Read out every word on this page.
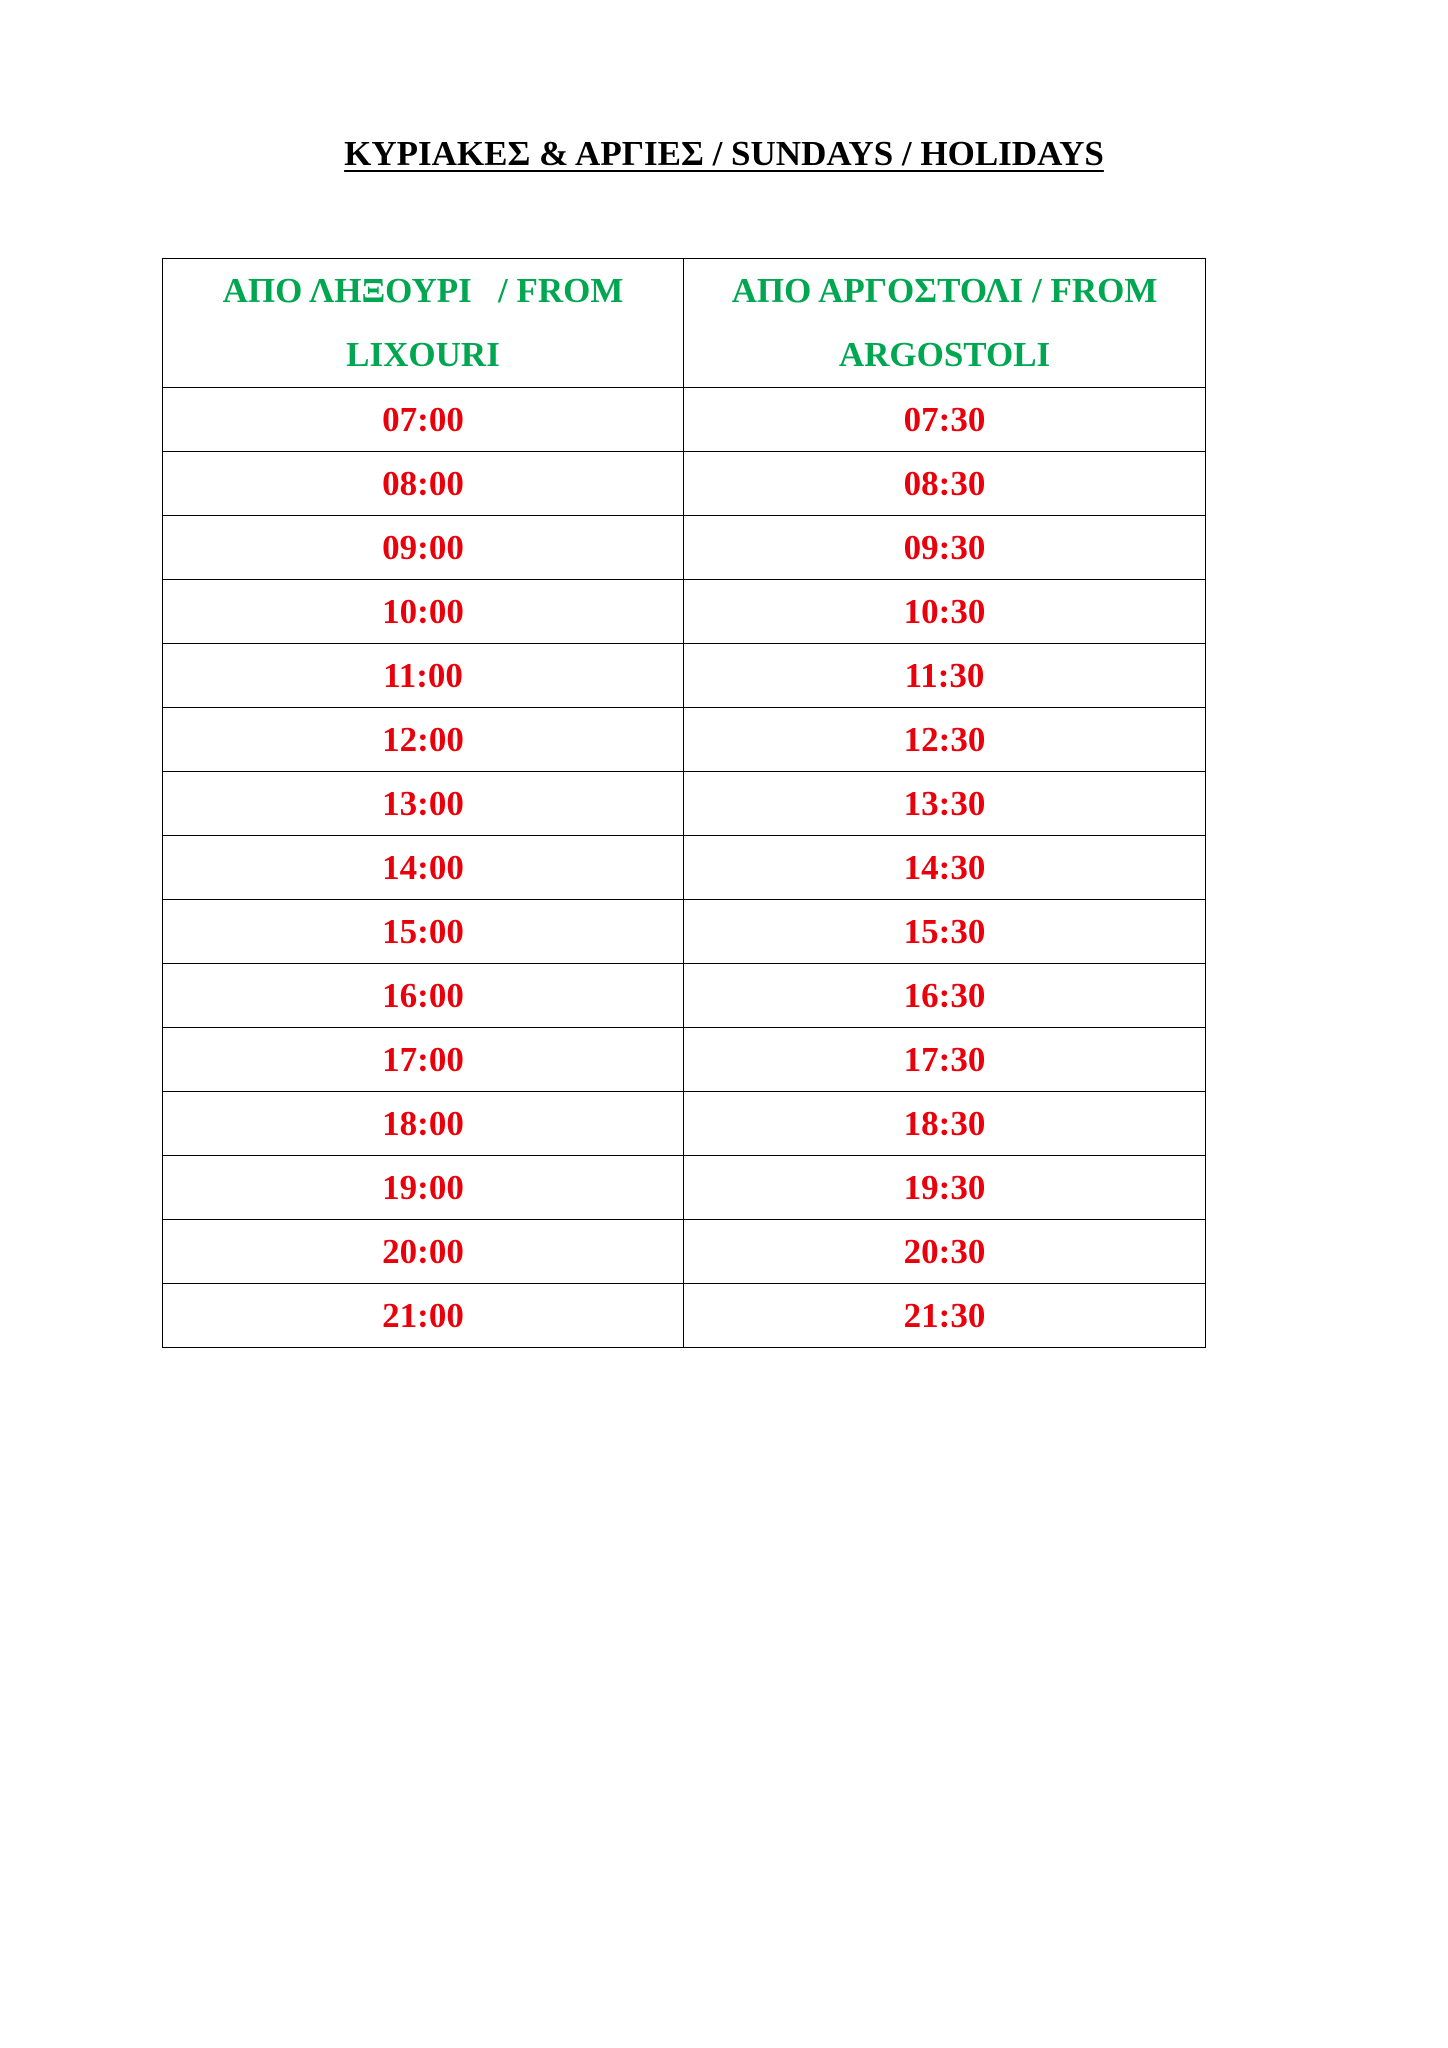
ΚΥΡΙΑΚΕΣ & ΑΡΓΙΕΣ / SUNDAYS / HOLIDAYS
ΑΠΟ ΛΗΞΟΥΡΙ   / FROM LIXOURI	ΑΠΟ ΑΡΓΟΣΤΟΛΙ / FROM ARGOSTOLI

07:00	07:30
08:00	08:30
09:00	09:30
10:00	10:30
11:00	11:30
12:00	12:30
13:00	13:30
14:00	14:30
15:00	15:30
16:00	16:30
17:00	17:30
18:00	18:30
19:00	19:30
20:00	20:30
21:00	21:30
